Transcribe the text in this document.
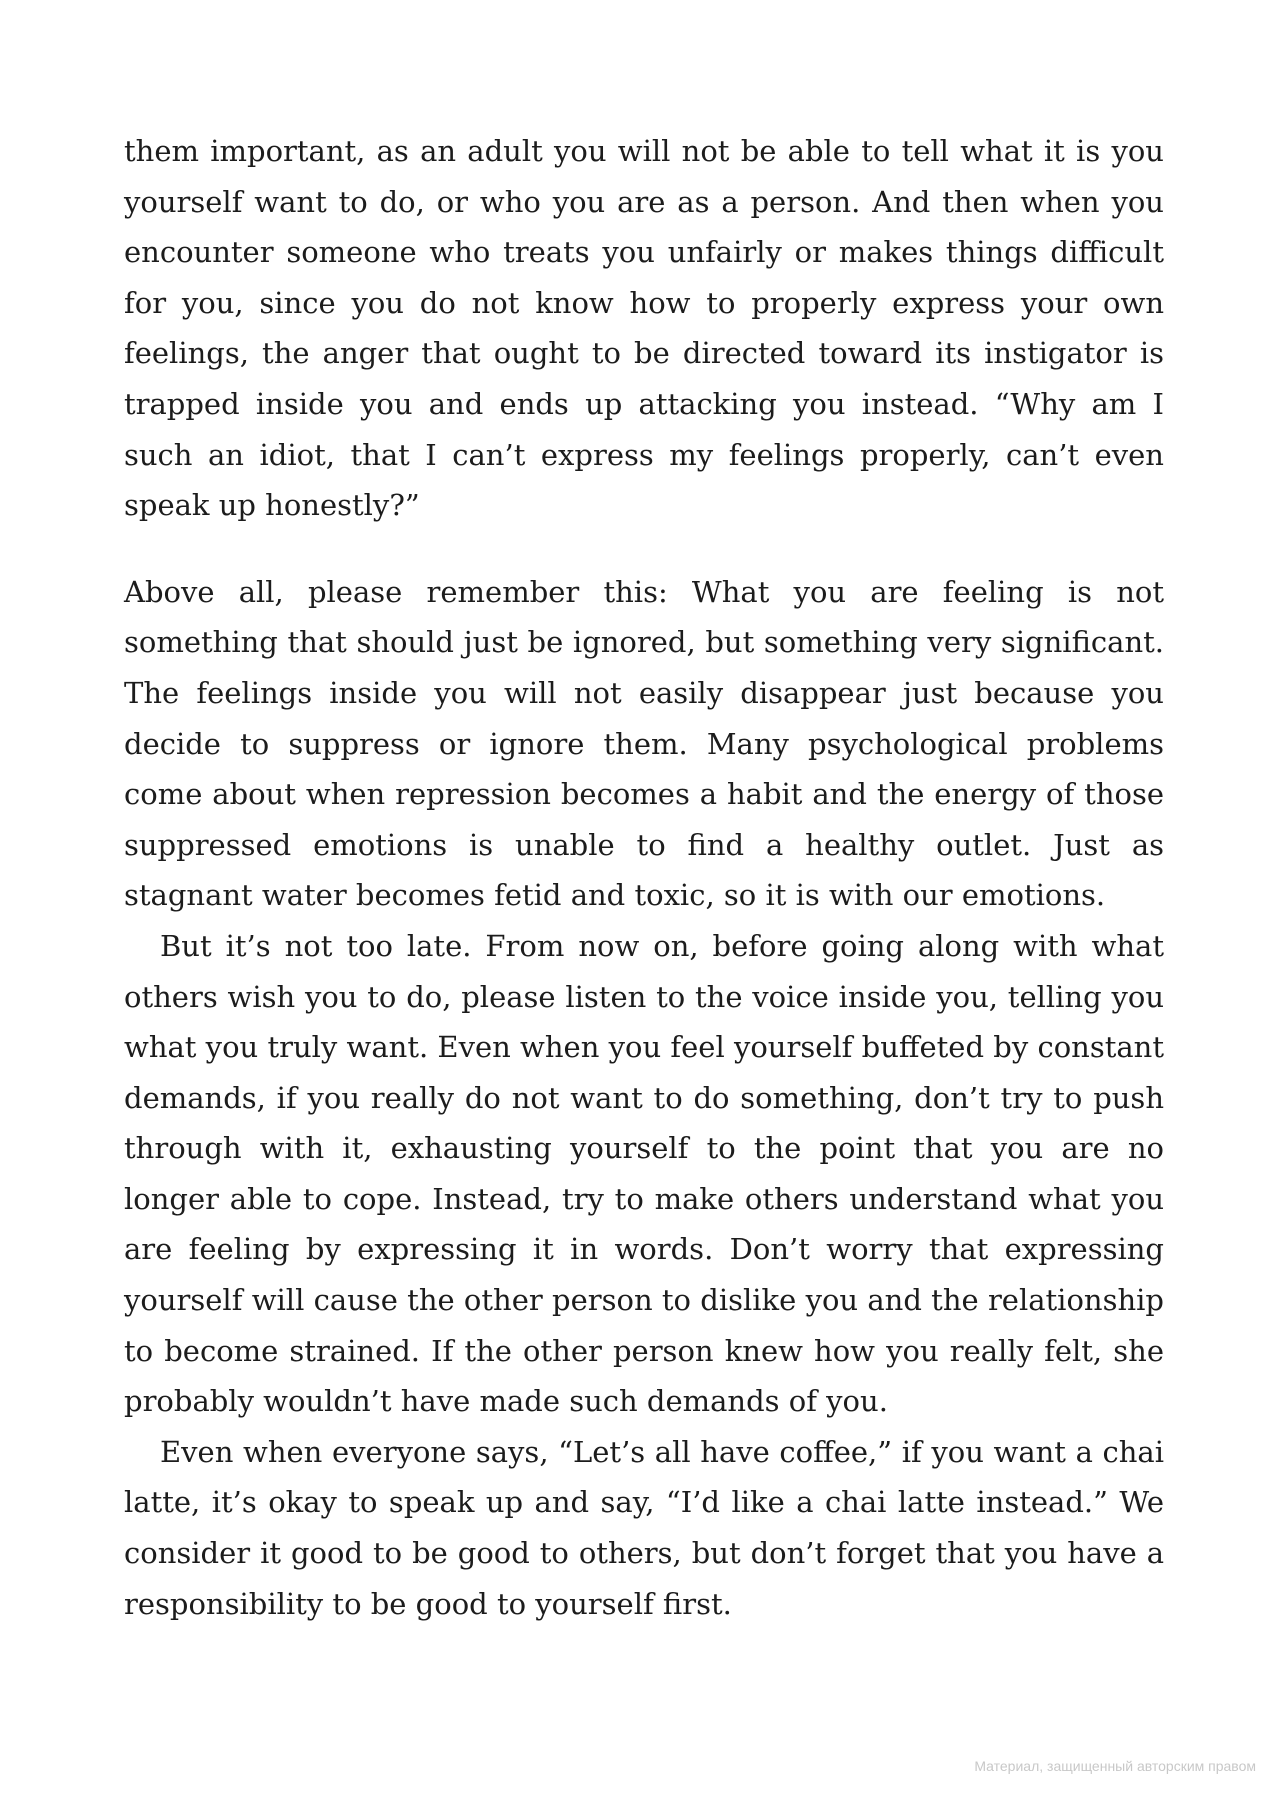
them important, as an adult you will not be able to tell what it is you yourself want to do, or who you are as a person. And then when you encounter someone who treats you unfairly or makes things difficult for you, since you do not know how to properly express your own feelings, the anger that ought to be directed toward its instigator is trapped inside you and ends up attacking you instead. “Why am I such an idiot, that I can’t express my feelings properly, can’t even speak up honestly?”

Above all, please remember this: What you are feeling is not something that should just be ignored, but something very significant. The feelings inside you will not easily disappear just because you decide to suppress or ignore them. Many psychological problems come about when repression becomes a habit and the energy of those suppressed emotions is unable to find a healthy outlet. Just as stagnant water becomes fetid and toxic, so it is with our emotions.

But it’s not too late. From now on, before going along with what others wish you to do, please listen to the voice inside you, telling you what you truly want. Even when you feel yourself buffeted by constant demands, if you really do not want to do something, don’t try to push through with it, exhausting yourself to the point that you are no longer able to cope. Instead, try to make others understand what you are feeling by expressing it in words. Don’t worry that expressing yourself will cause the other person to dislike you and the relationship to become strained. If the other person knew how you really felt, she probably wouldn’t have made such demands of you.

Even when everyone says, “Let’s all have coffee,” if you want a chai latte, it’s okay to speak up and say, “I’d like a chai latte instead.” We consider it good to be good to others, but don’t forget that you have a responsibility to be good to yourself first.

Материал, защищенный авторским правом
